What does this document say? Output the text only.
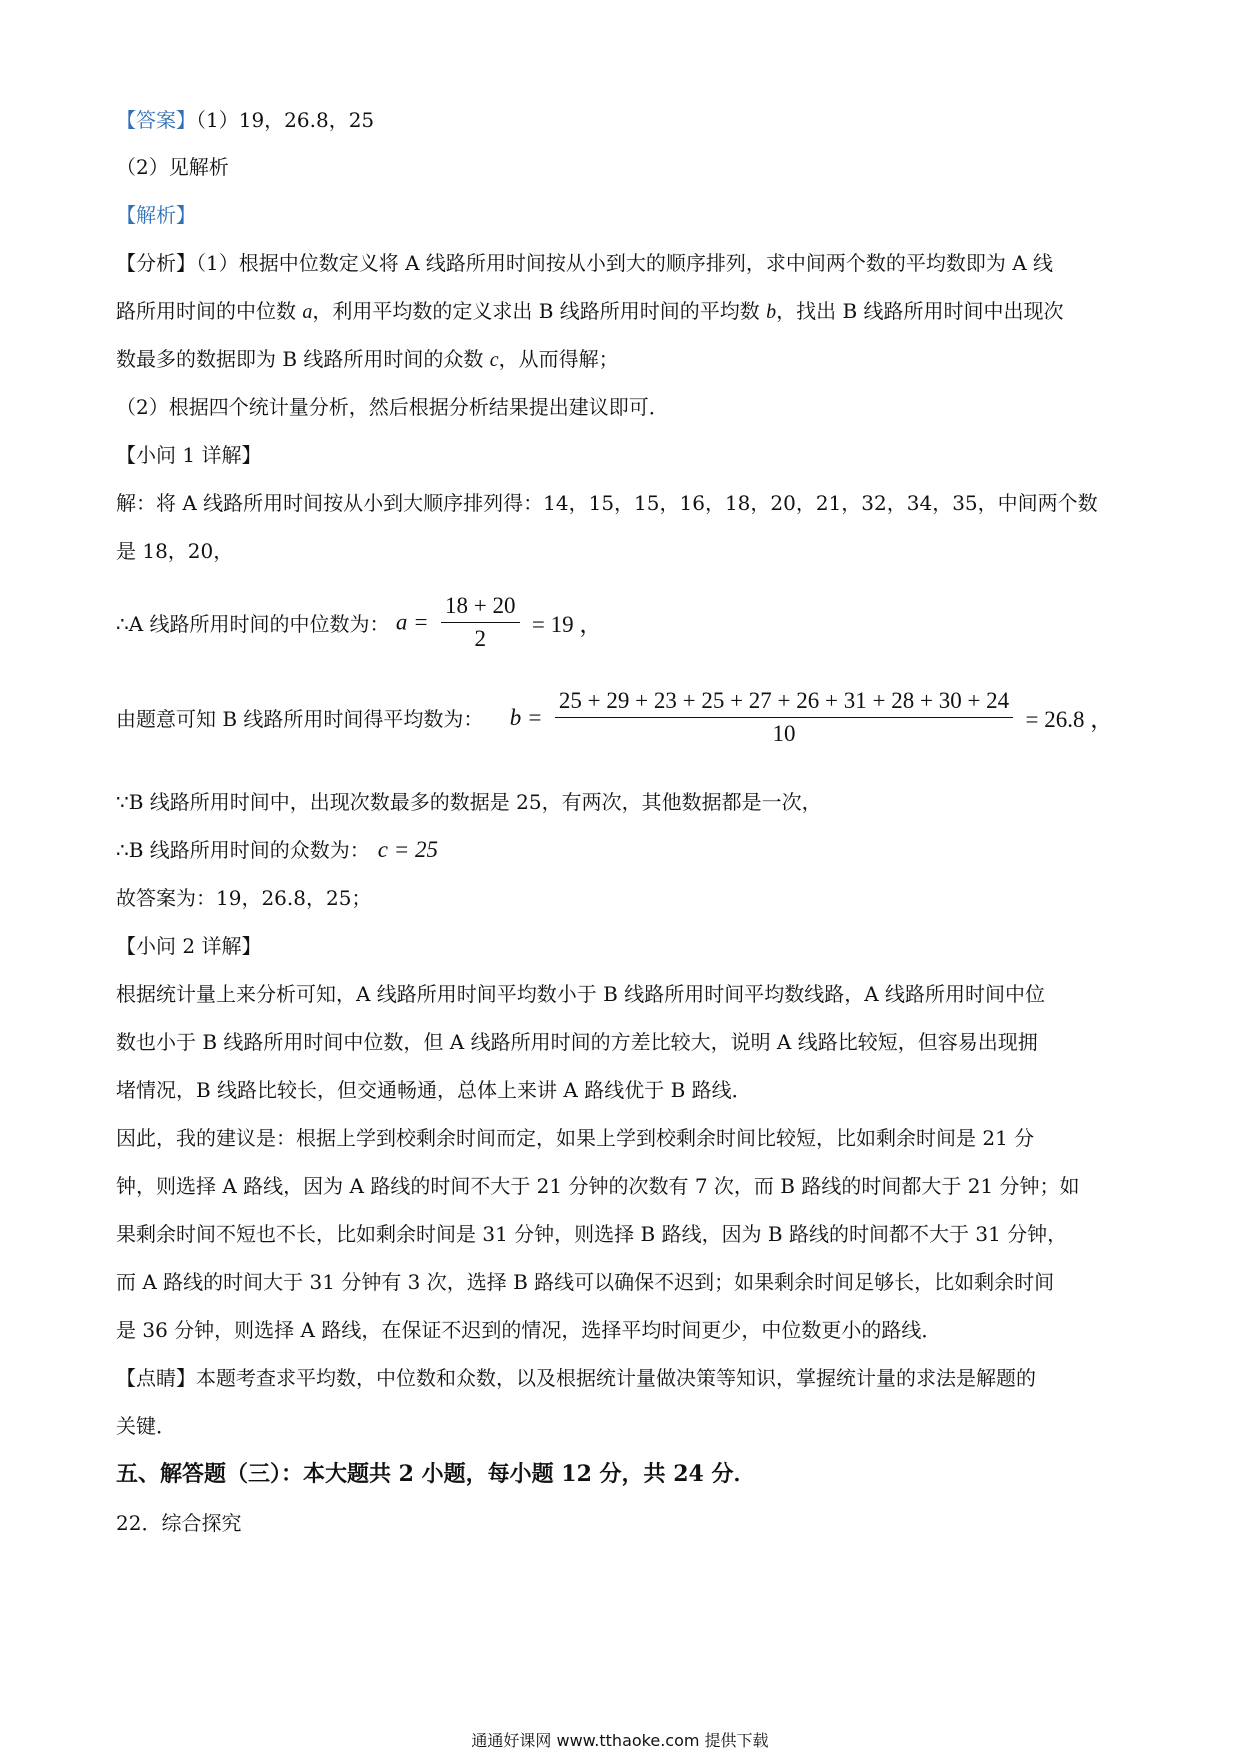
【答案】（1）19，26.8，25
（2）见解析
【解析】
【分析】（1）根据中位数定义将 A 线路所用时间按从小到大的顺序排列，求中间两个数的平均数即为 A 线
路所用时间的中位数 a，利用平均数的定义求出 B 线路所用时间的平均数 b，找出 B 线路所用时间中出现次
数最多的数据即为 B 线路所用时间的众数 c，从而得解；
（2）根据四个统计量分析，然后根据分析结果提出建议即可．
【小问 1 详解】
解：将 A 线路所用时间按从小到大顺序排列得：14，15，15，16，18，20，21，32，34，35，中间两个数
是 18，20，
∴A 线路所用时间的中位数为： $a = \frac{18 + 20}{2} = 19$ ，
由题意可知 B 线路所用时间得平均数为： $b = \frac{25 + 29 + 23 + 25 + 27 + 26 + 31 + 28 + 30 + 24}{10} = 26.8$ ，
∵B 线路所用时间中，出现次数最多的数据是 25，有两次，其他数据都是一次，
∴B 线路所用时间的众数为： c = 25
故答案为：19，26.8，25；
【小问 2 详解】
根据统计量上来分析可知，A 线路所用时间平均数小于 B 线路所用时间平均数线路，A 线路所用时间中位
数也小于 B 线路所用时间中位数，但 A 线路所用时间的方差比较大，说明 A 线路比较短，但容易出现拥
堵情况，B 线路比较长，但交通畅通，总体上来讲 A 路线优于 B 路线．
因此，我的建议是：根据上学到校剩余时间而定，如果上学到校剩余时间比较短，比如剩余时间是 21 分
钟，则选择 A 路线，因为 A 路线的时间不大于 21 分钟的次数有 7 次，而 B 路线的时间都大于 21 分钟；如
果剩余时间不短也不长，比如剩余时间是 31 分钟，则选择 B 路线，因为 B 路线的时间都不大于 31 分钟，
而 A 路线的时间大于 31 分钟有 3 次，选择 B 路线可以确保不迟到；如果剩余时间足够长，比如剩余时间
是 36 分钟，则选择 A 路线，在保证不迟到的情况，选择平均时间更少，中位数更小的路线．
【点睛】本题考查求平均数，中位数和众数，以及根据统计量做决策等知识，掌握统计量的求法是解题的
关键．
五、解答题（三）：本大题共 2 小题，每小题 12 分，共 24 分．
22．综合探究
通通好课网 www.tthaoke.com 提供下载
